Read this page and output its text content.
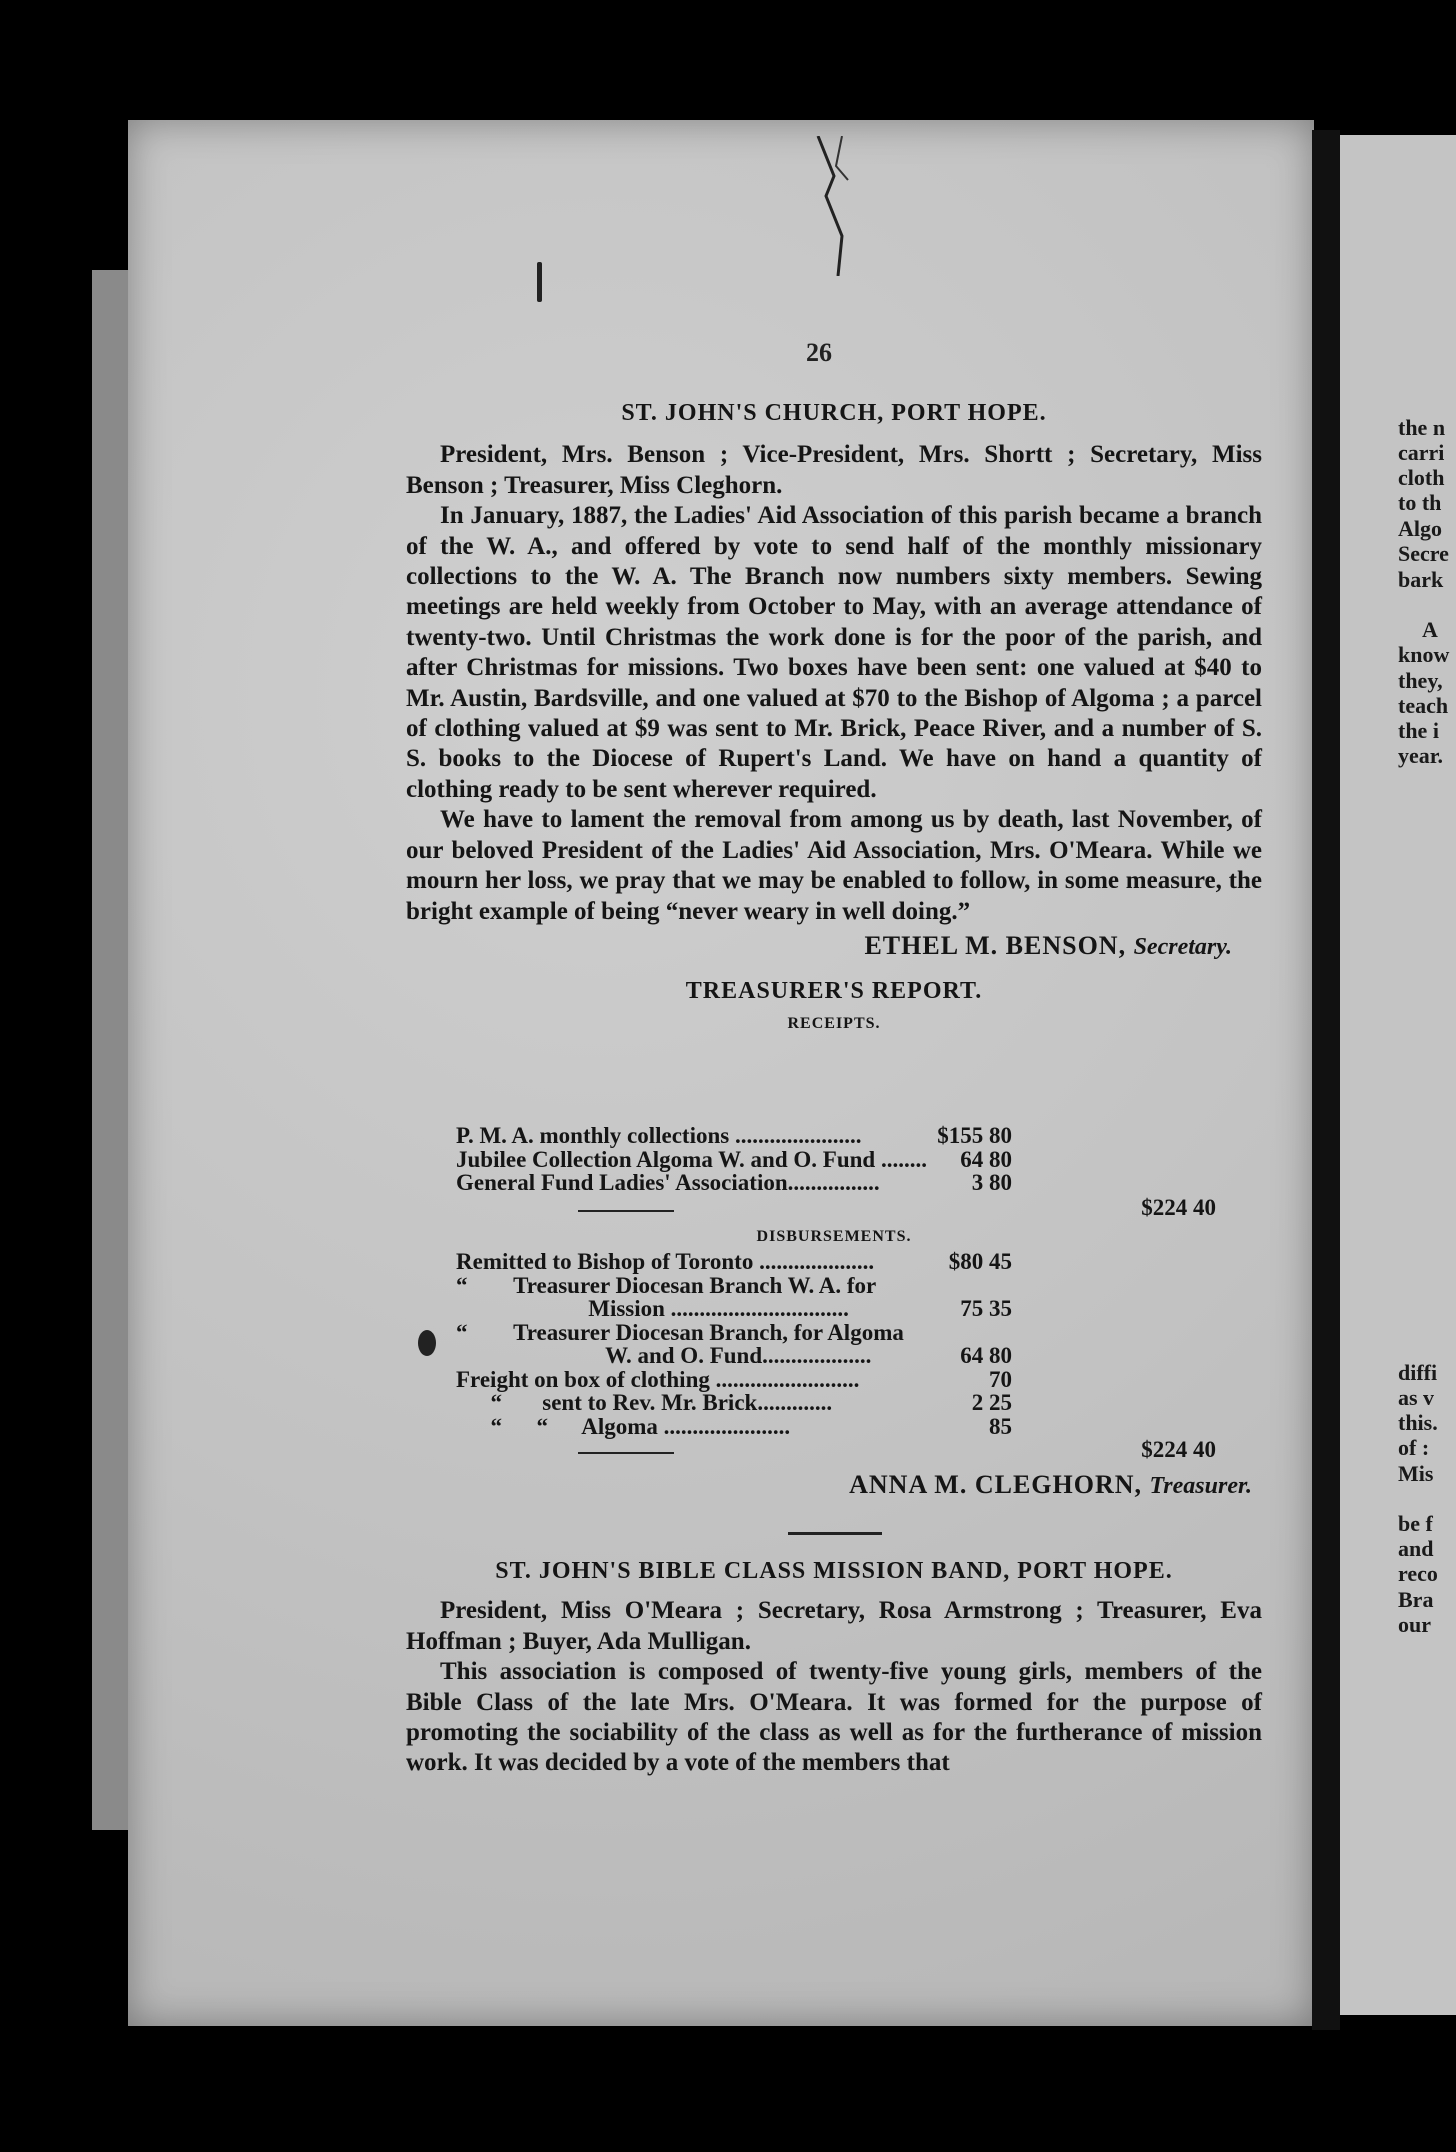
the n
carri
cloth
to th
Algo
Secre
bark
A
know
they,
teach
the i
year.
diffi
as v
this.
of :
Mis
be f
and
reco
Bra
our
26
ST. JOHN'S CHURCH, PORT HOPE.

President, Mrs. Benson ; Vice-President, Mrs. Shortt ; Secretary, Miss Benson ; Treasurer, Miss Cleghorn.

In January, 1887, the Ladies' Aid Association of this parish became a branch of the W. A., and offered by vote to send half of the monthly missionary collections to the W. A. The Branch now numbers sixty members. Sewing meetings are held weekly from October to May, with an average attendance of twenty-two. Until Christmas the work done is for the poor of the parish, and after Christmas for missions. Two boxes have been sent: one valued at $40 to Mr. Austin, Bardsville, and one valued at $70 to the Bishop of Algoma ; a parcel of clothing valued at $9 was sent to Mr. Brick, Peace River, and a number of S. S. books to the Diocese of Rupert's Land. We have on hand a quantity of clothing ready to be sent wherever required.

We have to lament the removal from among us by death, last November, of our beloved President of the Ladies' Aid Association, Mrs. O'Meara. While we mourn her loss, we pray that we may be enabled to follow, in some measure, the bright example of being “never weary in well doing.”

ETHEL M. BENSON, Secretary.
TREASURER'S REPORT.
RECEIPTS.
P. M. A. monthly collections ......................	$155 80
Jubilee Collection Algoma W. and O. Fund ........ 64 80
General Fund Ladies' Association................	3 80
$224 40
DISBURSEMENTS.
Remitted to Bishop of Toronto ....................	$80 45
“        Treasurer Diocesan Branch W. A. for
Mission ...............................	75 35
“        Treasurer Diocesan Branch, for Algoma
W. and O. Fund...................	64 80
Freight on box of clothing .........................	70
“       sent to Rev. Mr. Brick.............	2 25
“      “      Algoma ......................	85
$224 40
ANNA M. CLEGHORN, Treasurer.
ST. JOHN'S BIBLE CLASS MISSION BAND, PORT HOPE.

President, Miss O'Meara ; Secretary, Rosa Armstrong ; Treasurer, Eva Hoffman ; Buyer, Ada Mulligan.

This association is composed of twenty-five young girls, members of the Bible Class of the late Mrs. O'Meara. It was formed for the purpose of promoting the sociability of the class as well as for the furtherance of mission work. It was decided by a vote of the members that
